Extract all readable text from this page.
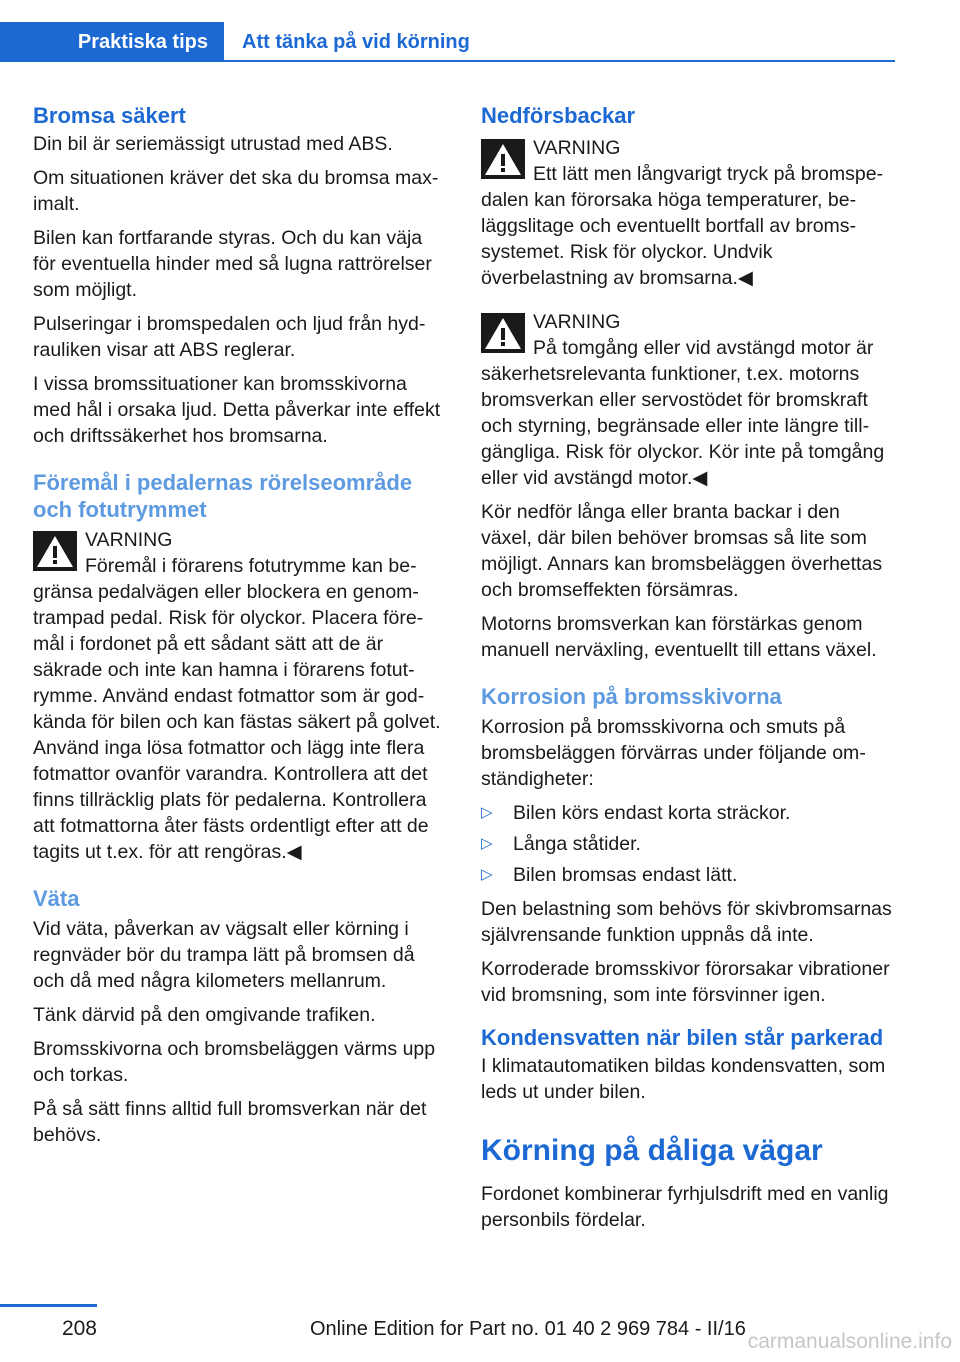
Praktiska tips	Att tänka på vid körning
Bromsa säkert

Din bil är seriemässigt utrustad med ABS.

Om situationen kräver det ska du bromsa maximalt.

Bilen kan fortfarande styras. Och du kan väja för eventuella hinder med så lugna rattrörelser som möjligt.

Pulseringar i bromspedalen och ljud från hydrauliken visar att ABS reglerar.

I vissa bromssituationer kan bromsskivorna med hål i orsaka ljud. Detta påverkar inte effekt och driftssäkerhet hos bromsarna.

Föremål i pedalernas rörelseområde och fotutrymmet
VARNING
Föremål i förarens fotutrymme kan begränsa pedalvägen eller blockera en genomtrampad pedal. Risk för olyckor. Placera föremål i fordonet på ett sådant sätt att de är säkrade och inte kan hamna i förarens fotutrymme. Använd endast fotmattor som är godkända för bilen och kan fästas säkert på golvet. Använd inga lösa fotmattor och lägg inte flera fotmattor ovanför varandra. Kontrollera att det finns tillräcklig plats för pedalerna. Kontrollera att fotmattorna åter fästs ordentligt efter att de tagits ut t.ex. för att rengöras.◀
Väta

Vid väta, påverkan av vägsalt eller körning i regnväder bör du trampa lätt på bromsen då och då med några kilometers mellanrum.

Tänk därvid på den omgivande trafiken.

Bromsskivorna och bromsbeläggen värms upp och torkas.

På så sätt finns alltid full bromsverkan när det behövs.

Nedförsbackar
VARNING
Ett lätt men långvarigt tryck på bromspedalen kan förorsaka höga temperaturer, beläggslitage och eventuellt bortfall av bromssystemet. Risk för olyckor. Undvik överbelastning av bromsarna.◀
VARNING
På tomgång eller vid avstängd motor är säkerhetsrelevanta funktioner, t.ex. motorns bromsverkan eller servostödet för bromskraft och styrning, begränsade eller inte längre tillgängliga. Risk för olyckor. Kör inte på tomgång eller vid avstängd motor.◀

Kör nedför långa eller branta backar i den växel, där bilen behöver bromsas så lite som möjligt. Annars kan bromsbeläggen överhettas och bromseffekten försämras.

Motorns bromsverkan kan förstärkas genom manuell nerväxling, eventuellt till ettans växel.

Korrosion på bromsskivorna

Korrosion på bromsskivorna och smuts på bromsbeläggen förvärras under följande omständigheter:

▷ Bilen körs endast korta sträckor.
▷ Långa ståtider.
▷ Bilen bromsas endast lätt.

Den belastning som behövs för skivbromsarnas självrensande funktion uppnås då inte.

Korroderade bromsskivor förorsakar vibrationer vid bromsning, som inte försvinner igen.

Kondensvatten när bilen står parkerad

I klimatautomatiken bildas kondensvatten, som leds ut under bilen.

Körning på dåliga vägar

Fordonet kombinerar fyrhjulsdrift med en vanlig personbils fördelar.

208	Online Edition for Part no. 01 40 2 969 784 - II/16
carmanualsonline.info
